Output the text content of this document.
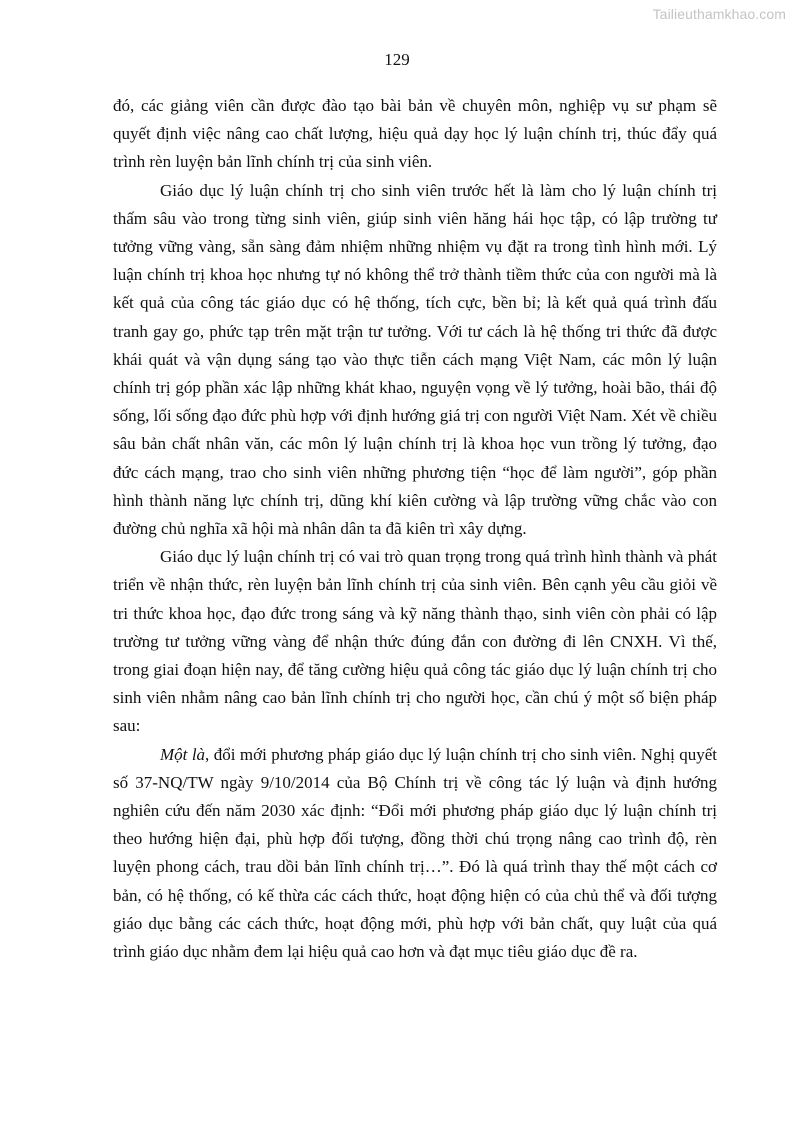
Tailieuthamkhao.com
129

đó, các giảng viên cần được đào tạo bài bản về chuyên môn, nghiệp vụ sư phạm sẽ quyết định việc nâng cao chất lượng, hiệu quả dạy học lý luận chính trị, thúc đẩy quá trình rèn luyện bản lĩnh chính trị của sinh viên.

Giáo dục lý luận chính trị cho sinh viên trước hết là làm cho lý luận chính trị thấm sâu vào trong từng sinh viên, giúp sinh viên hăng hái học tập, có lập trường tư tưởng vững vàng, sẵn sàng đảm nhiệm những nhiệm vụ đặt ra trong tình hình mới. Lý luận chính trị khoa học nhưng tự nó không thể trở thành tiềm thức của con người mà là kết quả của công tác giáo dục có hệ thống, tích cực, bền bỉ; là kết quả quá trình đấu tranh gay go, phức tạp trên mặt trận tư tưởng. Với tư cách là hệ thống tri thức đã được khái quát và vận dụng sáng tạo vào thực tiễn cách mạng Việt Nam, các môn lý luận chính trị góp phần xác lập những khát khao, nguyện vọng về lý tưởng, hoài bão, thái độ sống, lối sống đạo đức phù hợp với định hướng giá trị con người Việt Nam. Xét về chiều sâu bản chất nhân văn, các môn lý luận chính trị là khoa học vun trồng lý tưởng, đạo đức cách mạng, trao cho sinh viên những phương tiện “học để làm người”, góp phần hình thành năng lực chính trị, dũng khí kiên cường và lập trường vững chắc vào con đường chủ nghĩa xã hội mà nhân dân ta đã kiên trì xây dựng.

Giáo dục lý luận chính trị có vai trò quan trọng trong quá trình hình thành và phát triển về nhận thức, rèn luyện bản lĩnh chính trị của sinh viên. Bên cạnh yêu cầu giỏi về tri thức khoa học, đạo đức trong sáng và kỹ năng thành thạo, sinh viên còn phải có lập trường tư tưởng vững vàng để nhận thức đúng đắn con đường đi lên CNXH. Vì thế, trong giai đoạn hiện nay, để tăng cường hiệu quả công tác giáo dục lý luận chính trị cho sinh viên nhằm nâng cao bản lĩnh chính trị cho người học, cần chú ý một số biện pháp sau:

Một là, đổi mới phương pháp giáo dục lý luận chính trị cho sinh viên. Nghị quyết số 37-NQ/TW ngày 9/10/2014 của Bộ Chính trị về công tác lý luận và định hướng nghiên cứu đến năm 2030 xác định: “Đổi mới phương pháp giáo dục lý luận chính trị theo hướng hiện đại, phù hợp đối tượng, đồng thời chú trọng nâng cao trình độ, rèn luyện phong cách, trau dồi bản lĩnh chính trị…”. Đó là quá trình thay thế một cách cơ bản, có hệ thống, có kế thừa các cách thức, hoạt động hiện có của chủ thể và đối tượng giáo dục bằng các cách thức, hoạt động mới, phù hợp với bản chất, quy luật của quá trình giáo dục nhằm đem lại hiệu quả cao hơn và đạt mục tiêu giáo dục đề ra.
